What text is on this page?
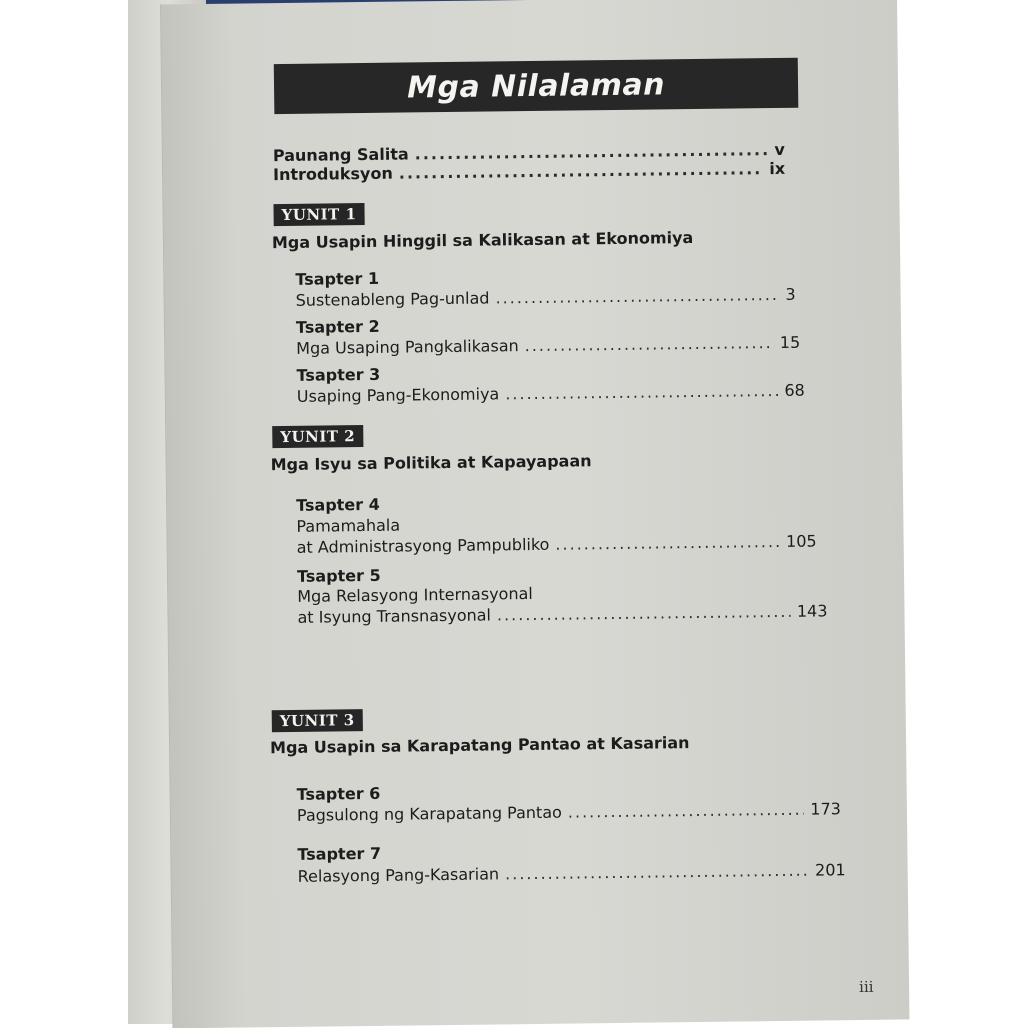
Mga Nilalaman
Paunang Salita .....	v
Introduksyon .....	ix
YUNIT 1
Mga Usapin Hinggil sa Kalikasan at Ekonomiya
Tsapter 1
Sustenableng Pag-unlad .....	3
Tsapter 2
Mga Usaping Pangkalikasan .....	15
Tsapter 3
Usaping Pang-Ekonomiya .....	68
YUNIT 2
Mga Isyu sa Politika at Kapayapaan
Tsapter 4
Pamamahala
at Administrasyong Pampubliko .....	105
Tsapter 5
Mga Relasyong Internasyonal
at Isyung Transnasyonal .....	143
YUNIT 3
Mga Usapin sa Karapatang Pantao at Kasarian
Tsapter 6
Pagsulong ng Karapatang Pantao .....	173
Tsapter 7
Relasyong Pang-Kasarian .....	201
iii
